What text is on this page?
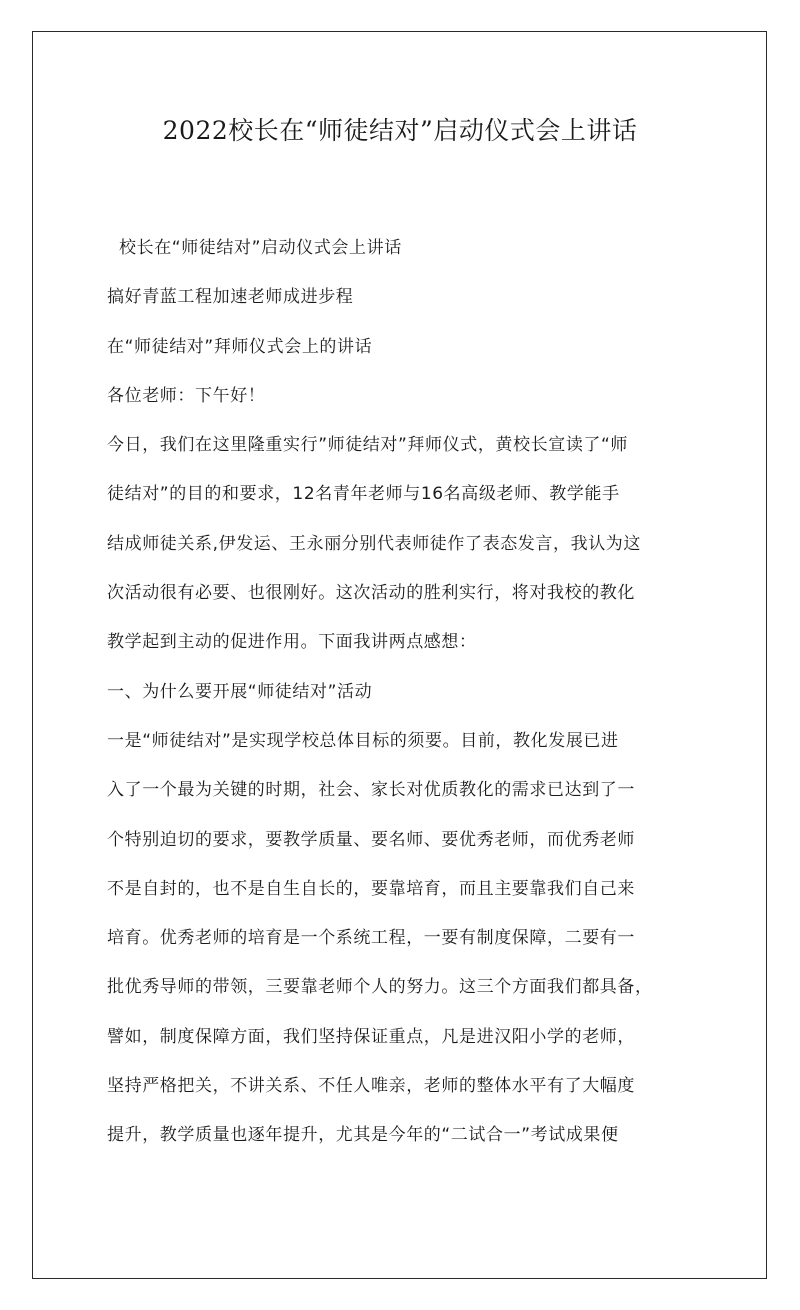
2022校长在“师徒结对”启动仪式会上讲话
校长在“师徒结对”启动仪式会上讲话
搞好青蓝工程加速老师成进步程
在“师徒结对”拜师仪式会上的讲话
各位老师：下午好！
今日，我们在这里隆重实行”师徒结对”拜师仪式，黄校长宣读了“师
徒结对”的目的和要求，12名青年老师与16名高级老师、教学能手
结成师徒关系,伊发运、王永丽分别代表师徒作了表态发言，我认为这
次活动很有必要、也很刚好。这次活动的胜利实行，将对我校的教化
教学起到主动的促进作用。下面我讲两点感想：
一、为什么要开展“师徒结对”活动
一是“师徒结对”是实现学校总体目标的须要。目前，教化发展已进
入了一个最为关键的时期，社会、家长对优质教化的需求已达到了一
个特别迫切的要求，要教学质量、要名师、要优秀老师，而优秀老师
不是自封的，也不是自生自长的，要靠培育，而且主要靠我们自己来
培育。优秀老师的培育是一个系统工程，一要有制度保障，二要有一
批优秀导师的带领，三要靠老师个人的努力。这三个方面我们都具备，
譬如，制度保障方面，我们坚持保证重点，凡是进汉阳小学的老师，
坚持严格把关，不讲关系、不任人唯亲，老师的整体水平有了大幅度
提升，教学质量也逐年提升，尤其是今年的“二试合一”考试成果便
